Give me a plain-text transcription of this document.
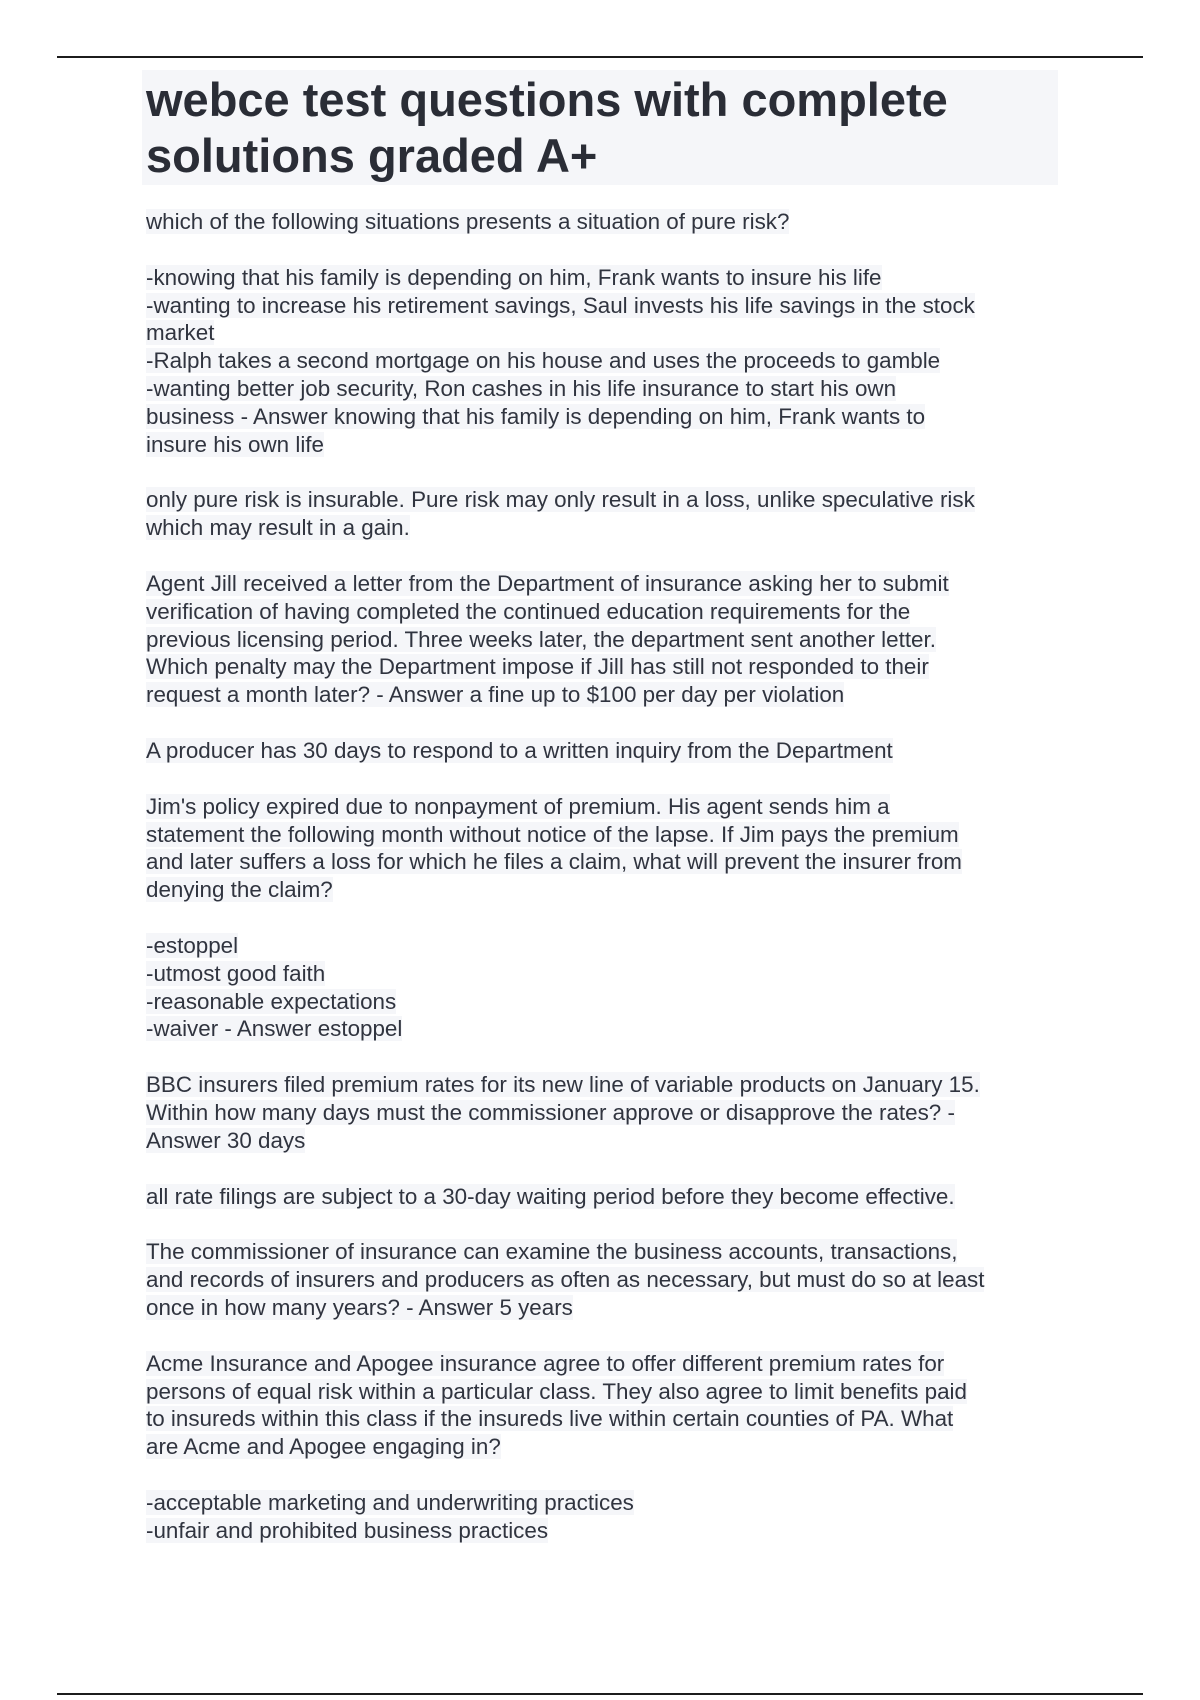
webce test questions with complete
solutions graded A+
which of the following situations presents a situation of pure risk?
-knowing that his family is depending on him, Frank wants to insure his life
-wanting to increase his retirement savings, Saul invests his life savings in the stock
market
-Ralph takes a second mortgage on his house and uses the proceeds to gamble
-wanting better job security, Ron cashes in his life insurance to start his own
business - Answer knowing that his family is depending on him, Frank wants to
insure his own life
only pure risk is insurable. Pure risk may only result in a loss, unlike speculative risk
which may result in a gain.
Agent Jill received a letter from the Department of insurance asking her to submit
verification of having completed the continued education requirements for the
previous licensing period. Three weeks later, the department sent another letter.
Which penalty may the Department impose if Jill has still not responded to their
request a month later? - Answer a fine up to $100 per day per violation
A producer has 30 days to respond to a written inquiry from the Department
Jim's policy expired due to nonpayment of premium. His agent sends him a
statement the following month without notice of the lapse. If Jim pays the premium
and later suffers a loss for which he files a claim, what will prevent the insurer from
denying the claim?
-estoppel
-utmost good faith
-reasonable expectations
-waiver - Answer estoppel
BBC insurers filed premium rates for its new line of variable products on January 15.
Within how many days must the commissioner approve or disapprove the rates? -
Answer 30 days
all rate filings are subject to a 30-day waiting period before they become effective.
The commissioner of insurance can examine the business accounts, transactions,
and records of insurers and producers as often as necessary, but must do so at least
once in how many years? - Answer 5 years
Acme Insurance and Apogee insurance agree to offer different premium rates for
persons of equal risk within a particular class. They also agree to limit benefits paid
to insureds within this class if the insureds live within certain counties of PA. What
are Acme and Apogee engaging in?
-acceptable marketing and underwriting practices
-unfair and prohibited business practices
